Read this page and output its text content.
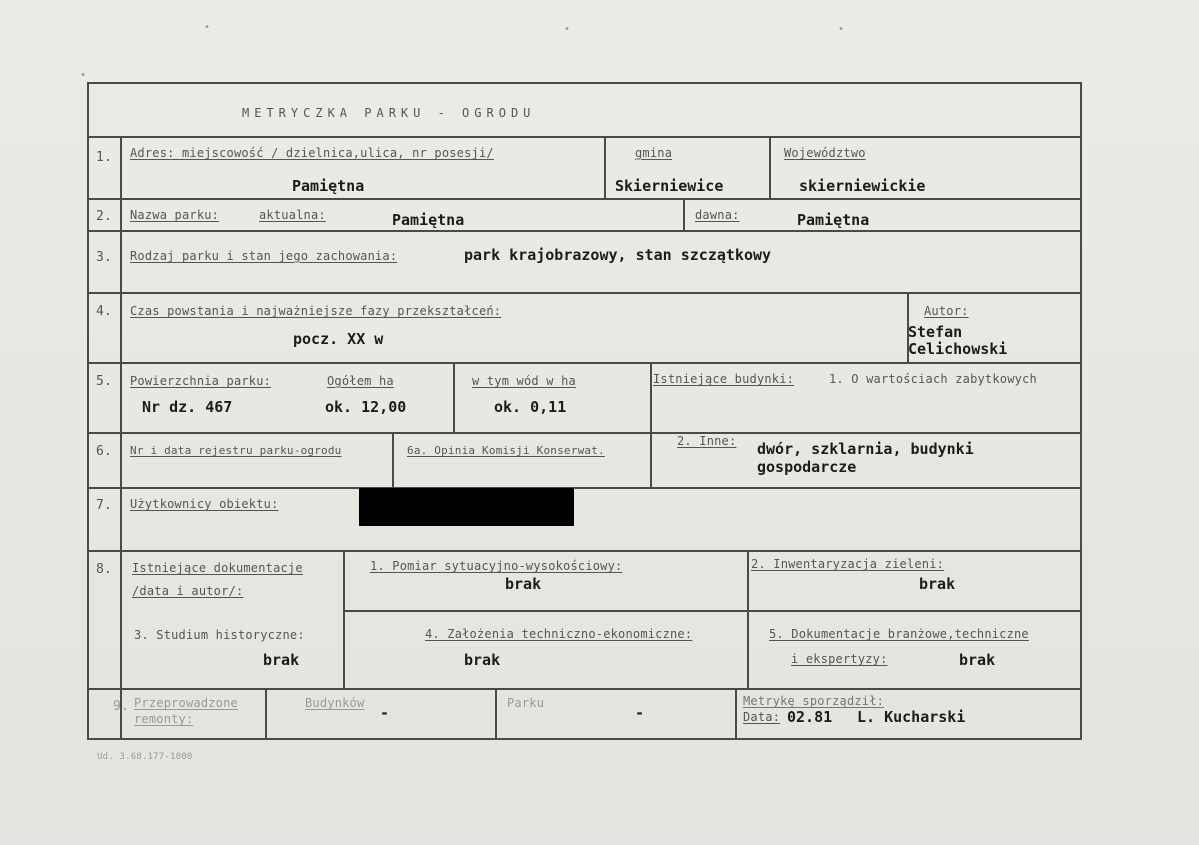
•	•	•
•
METRYCZKA PARKU - OGRODU
1. Adres: miejscowość / dzielnica,ulica, nr posesji/
Pamiętna
gmina
Skierniewice
Województwo
skierniewickie
2. Nazwa parku:	aktualna:	Pamiętna	dawna:	Pamiętna
3. Rodzaj parku i stan jego zachowania:	park krajobrazowy, stan szczątkowy
4. Czas powstania i najważniejsze fazy przekształceń:
pocz. XX w
Autor:
Stefan
Celichowski
5. Powierzchnia parku:	Ogółem ha
Nr dz. 467	ok. 12,00
w tym wód w ha
ok. 0,11
Istniejące budynki:	1. O wartościach zabytkowych
6. Nr i data rejestru parku-ogrodu	6a. Opinia Komisji Konserwat.
2. Inne: dwór, szklarnia, budynki
gospodarcze
7. Użytkownicy obiektu:
8. Istniejące dokumentacje
/data i autor/:
1. Pomiar sytuacyjno-wysokościowy:
brak
2. Inwentaryzacja zieleni:
brak
3. Studium historyczne:
brak
4. Założenia techniczno-ekonomiczne:
brak
5. Dokumentacje branżowe,techniczne
i ekspertyzy:	brak
9. Przeprowadzone
remonty:
Budynków
-
Parku
-
Metrykę sporządził:
Data: 02.81 L. Kucharski
Ud. 3.68.177-1000
